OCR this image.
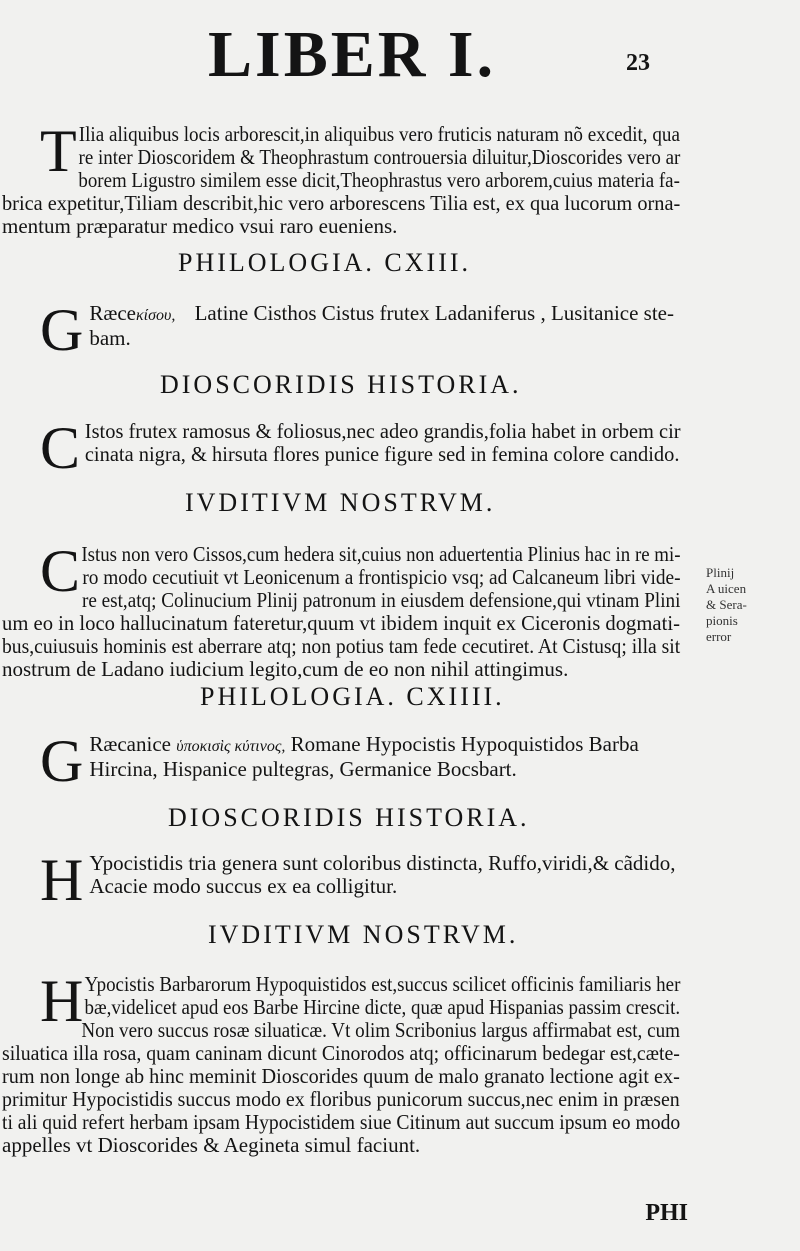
LIBER I.	23
T Ilia aliquibus locis arborescit,in aliquibus vero fruticis naturam nõ excedit, qua
re inter Dioscoridem & Theophrastum controuersia diluitur,Dioscorides vero ar
borem Ligustro similem esse dicit,Theophrastus vero arborem,cuius materia fa-
brica expetitur,Tiliam describit,hic vero arborescens Tilia est, ex qua lucorum orna-
mentum præparatur medico vsui raro eueniens.
PHILOLOGIA. CXIII.
G Ræceκίσου, Latine Cisthos Cistus frutex Ladaniferus , Lusitanice ste-
bam.
DIOSCORIDIS HISTORIA.
C Istos frutex ramosus & foliosus,nec adeo grandis,folia habet in orbem cir
cinata nigra, & hirsuta flores punice figure sed in femina colore candido.
IVDITIVM NOSTRVM.
C Istus non vero Cissos,cum hedera sit,cuius non aduertentia Plinius hac in re mi-
ro modo cecutiuit vt Leonicenum a frontispicio vsq; ad Calcaneum libri vide-
re est,atq; Colinucium Plinij patronum in eiusdem defensione,qui vtinam Plini
um eo in loco hallucinatum fateretur,quum vt ibidem inquit ex Ciceronis dogmati-
bus,cuiusuis hominis est aberrare atq; non potius tam fede cecutiret. At Cistusq; illa sit
nostrum de Ladano iudicium legito,cum de eo non nihil attingimus.
Plinij
A uicen
& Sera-
pionis
error
PHILOLOGIA. CXIIII.
G Ræcanice ὑποκισὶς κύτινος, Romane Hypocistis Hypoquistidos Barba
Hircina, Hispanice pultegras, Germanice Bocsbart.
DIOSCORIDIS HISTORIA.
H Ypocistidis tria genera sunt coloribus distincta, Ruffo,viridi,& cãdido,
Acacie modo succus ex ea colligitur.
IVDITIVM NOSTRVM.
H Ypocistis Barbarorum Hypoquistidos est,succus scilicet officinis familiaris her
bæ,videlicet apud eos Barbe Hircine dicte, quæ apud Hispanias passim crescit.
Non vero succus rosæ siluaticæ. Vt olim Scribonius largus affirmabat est, cum
siluatica illa rosa, quam caninam dicunt Cinorodos atq; officinarum bedegar est,cæte-
rum non longe ab hinc meminit Dioscorides quum de malo granato lectione agit ex-
primitur Hypocistidis succus modo ex floribus punicorum succus,nec enim in præsen
ti ali quid refert herbam ipsam Hypocistidem siue Citinum aut succum ipsum eo modo
appelles vt Dioscorides & Aegineta simul faciunt.
PHI
